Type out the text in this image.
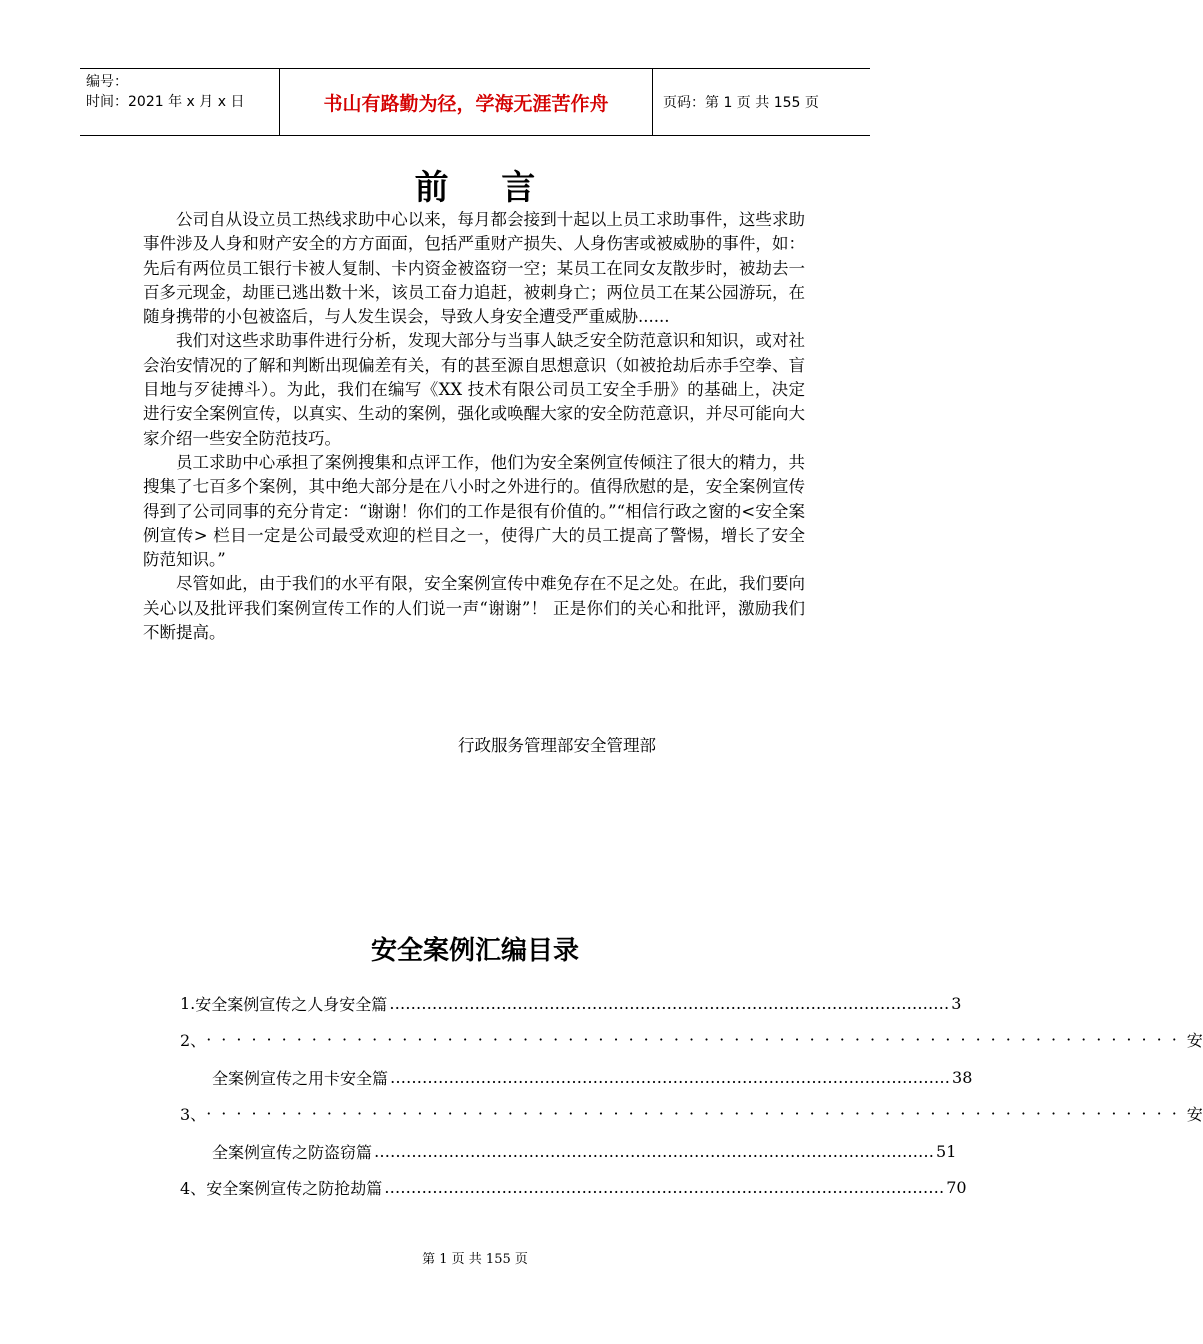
编号：
时间：2021 年 x 月 x 日	书山有路勤为径，学海无涯苦作舟	页码：第 1 页 共 155 页
前 言

公司自从设立员工热线求助中心以来，每月都会接到十起以上员工求助事件，这些求助事件涉及人身和财产安全的方方面面，包括严重财产损失、人身伤害或被威胁的事件，如：先后有两位员工银行卡被人复制、卡内资金被盗窃一空；某员工在同女友散步时，被劫去一百多元现金，劫匪已逃出数十米，该员工奋力追赶，被刺身亡；两位员工在某公园游玩，在随身携带的小包被盗后，与人发生误会，导致人身安全遭受严重威胁......

我们对这些求助事件进行分析，发现大部分与当事人缺乏安全防范意识和知识，或对社会治安情况的了解和判断出现偏差有关，有的甚至源自思想意识（如被抢劫后赤手空拳、盲目地与歹徒搏斗）。为此，我们在编写《XX 技术有限公司员工安全手册》的基础上，决定进行安全案例宣传，以真实、生动的案例，强化或唤醒大家的安全防范意识，并尽可能向大家介绍一些安全防范技巧。

员工求助中心承担了案例搜集和点评工作，他们为安全案例宣传倾注了很大的精力，共搜集了七百多个案例，其中绝大部分是在八小时之外进行的。值得欣慰的是，安全案例宣传得到了公司同事的充分肯定：“谢谢！你们的工作是很有价值的。”“相信行政之窗的<安全案例宣传> 栏目一定是公司最受欢迎的栏目之一，使得广大的员工提高了警惕，增长了安全防范知识。”

尽管如此，由于我们的水平有限，安全案例宣传中难免存在不足之处。在此，我们要向关心以及批评我们案例宣传工作的人们说一声“谢谢”！ 正是你们的关心和批评，激励我们不断提高。

行政服务管理部安全管理部
安全案例汇编目录
1. 安全案例宣传之人身安全篇 …………………………………………………………………………………………… 3
2、 ································································· 安
全案例宣传之用卡安全篇 …………………………………………………………………………………………… 38
3、 ································································· 安
全案例宣传之防盗窃篇 …………………………………………………………………………………………… 51
4、 安全案例宣传之防抢劫篇 …………………………………………………………………………………………… 70
第 1 页 共 155 页
